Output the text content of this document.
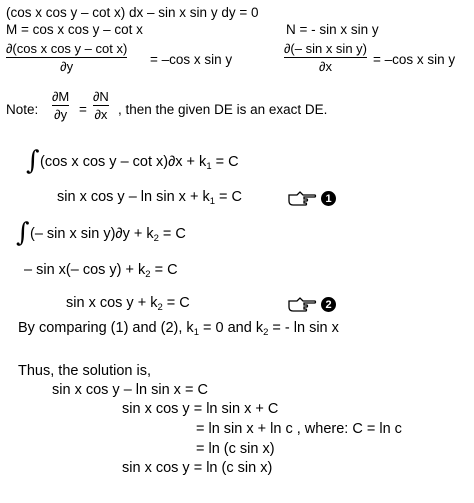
(cos x cos y – cot x) dx – sin x sin y dy = 0
M = cos x cos y – cot x	N = - sin x sin y
∂(cos x cos y – cot x)
∂y	= –cos x sin y
∂(– sin x sin y)
∂x	= –cos x sin y
Note:
∂M
∂y =
∂N
∂x , then the given DE is an exact DE.
∫ (cos x $\cos y - \cot x)\partial x + k_1 = C$
sin x $\cos y - \ln \sin x + k_1 = C$	1
∫ (– sin x $\sin y)\partial y + k_2 = C$
– sin x(– $\cos y) + k_2 = C$
sin x $\cos y + k_2 = C$	2
By comparing (1) and (2), $k_1 = 0$ and $k_2$ = - ln sin x
Thus, the solution is,
sin x cos y – ln sin x = C
sin x cos y = ln sin x + C
= ln sin x + ln c , where: C = ln c
= ln (c sin x)
sin x cos y = ln (c sin x)
